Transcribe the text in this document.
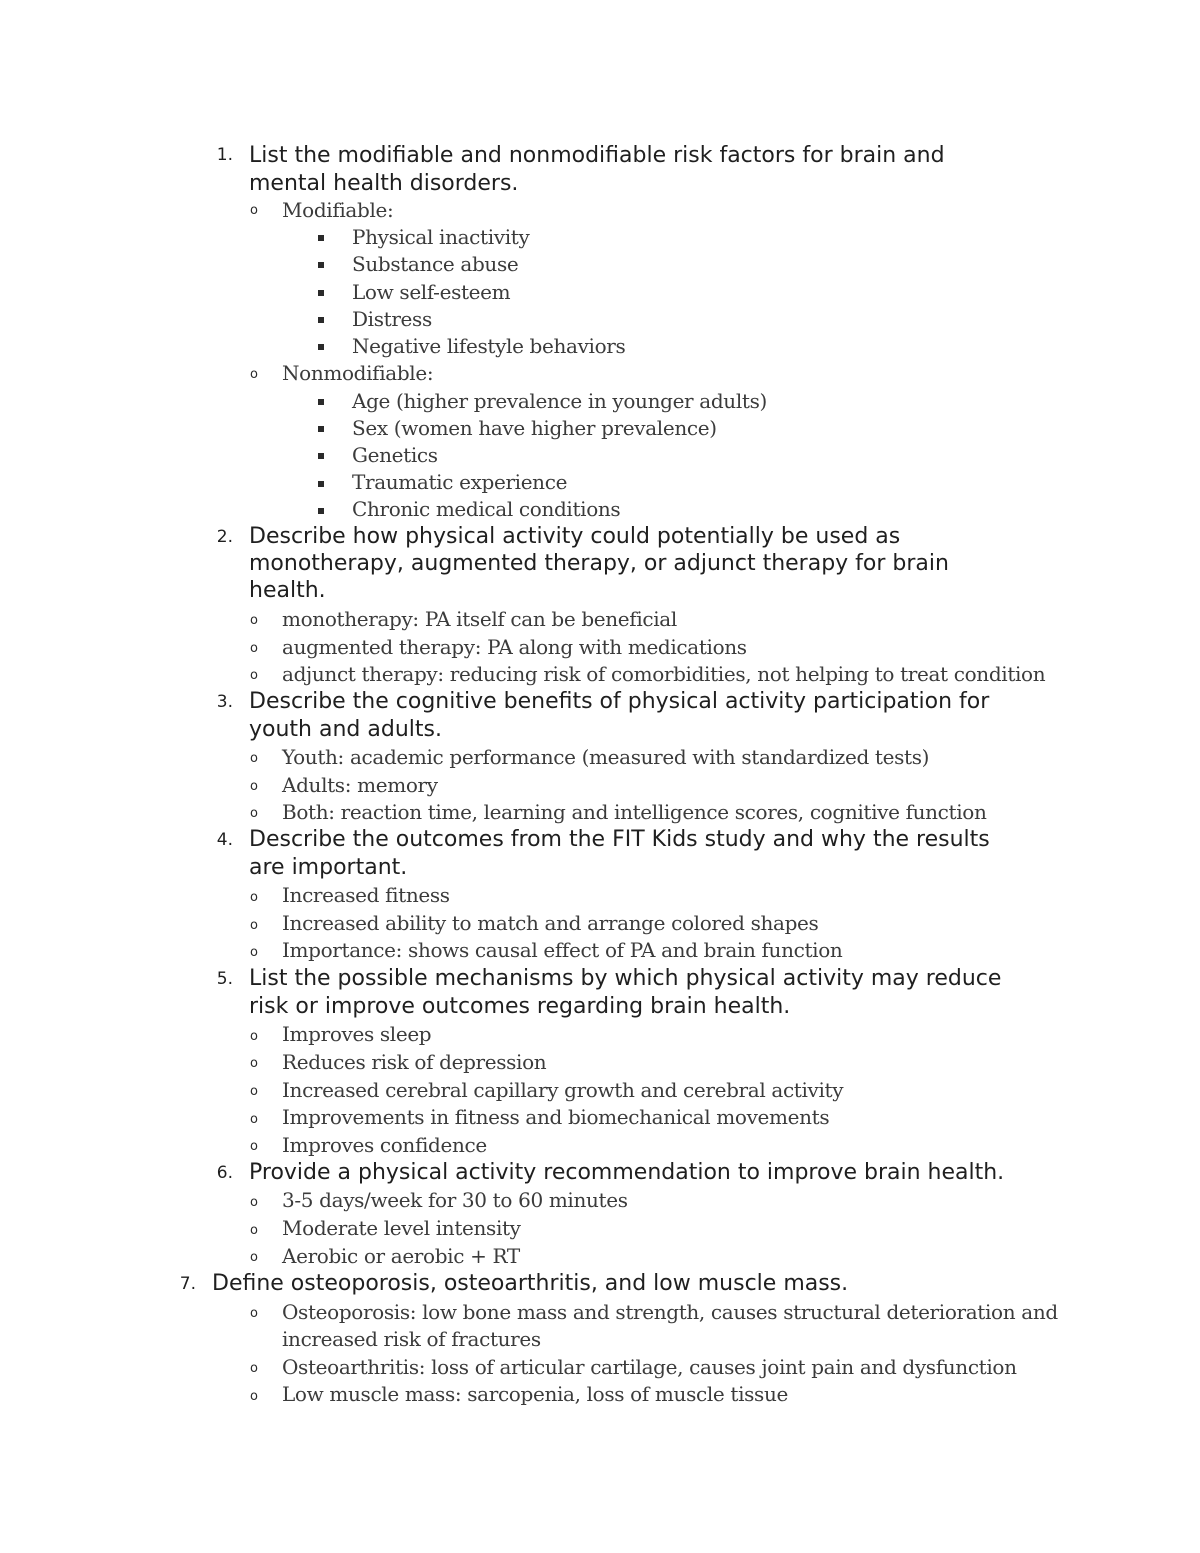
1. List the modifiable and nonmodifiable risk factors for brain and
mental health disorders.
o Modifiable:
Physical inactivity
Substance abuse
Low self-esteem
Distress
Negative lifestyle behaviors
o Nonmodifiable:
Age (higher prevalence in younger adults)
Sex (women have higher prevalence)
Genetics
Traumatic experience
Chronic medical conditions
2. Describe how physical activity could potentially be used as
monotherapy, augmented therapy, or adjunct therapy for brain
health.
o monotherapy: PA itself can be beneficial
o augmented therapy: PA along with medications
o adjunct therapy: reducing risk of comorbidities, not helping to treat condition
3. Describe the cognitive benefits of physical activity participation for
youth and adults.
o Youth: academic performance (measured with standardized tests)
o Adults: memory
o Both: reaction time, learning and intelligence scores, cognitive function
4. Describe the outcomes from the FIT Kids study and why the results
are important.
o Increased fitness
o Increased ability to match and arrange colored shapes
o Importance: shows causal effect of PA and brain function
5. List the possible mechanisms by which physical activity may reduce
risk or improve outcomes regarding brain health.
o Improves sleep
o Reduces risk of depression
o Increased cerebral capillary growth and cerebral activity
o Improvements in fitness and biomechanical movements
o Improves confidence
6. Provide a physical activity recommendation to improve brain health.
o 3-5 days/week for 30 to 60 minutes
o Moderate level intensity
o Aerobic or aerobic + RT
7. Define osteoporosis, osteoarthritis, and low muscle mass.
o Osteoporosis: low bone mass and strength, causes structural deterioration and
increased risk of fractures
o Osteoarthritis: loss of articular cartilage, causes joint pain and dysfunction
o Low muscle mass: sarcopenia, loss of muscle tissue
